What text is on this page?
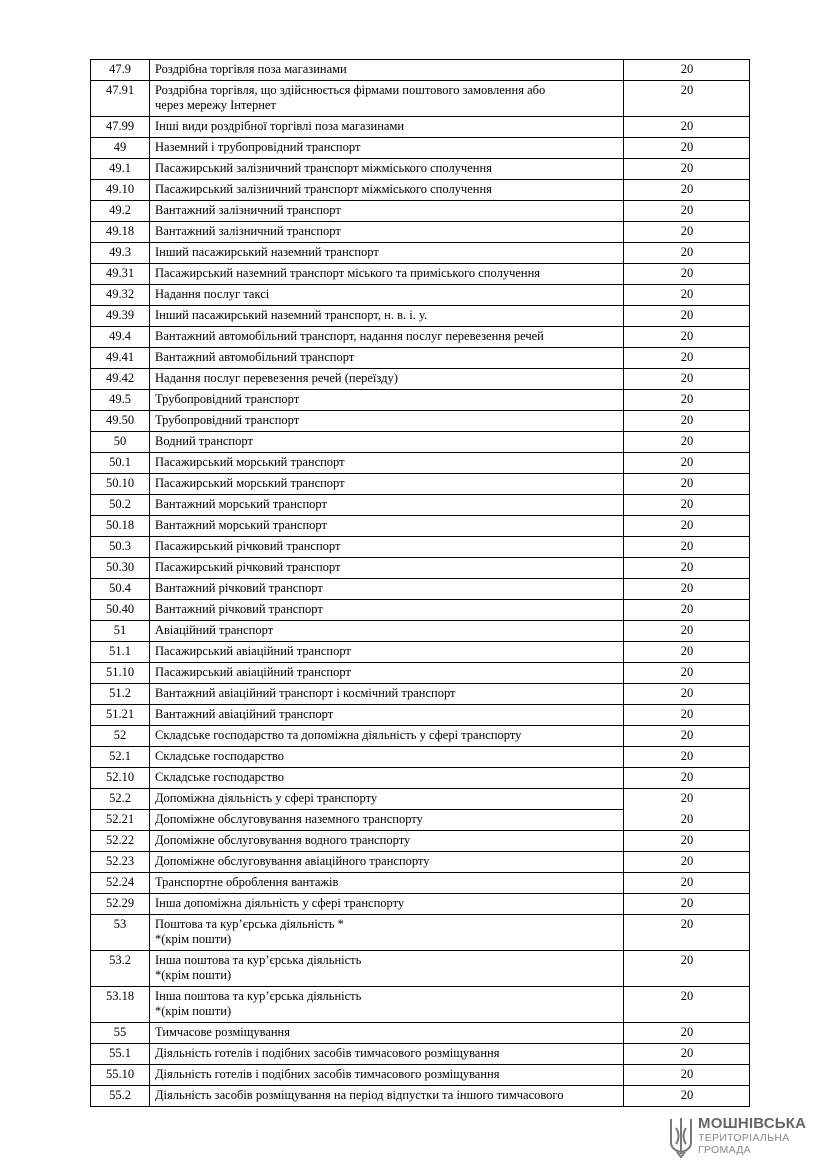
47.9	Роздрібна торгівля поза магазинами	20
47.91	Роздрібна торгівля, що здійснюється фірмами поштового замовлення або
через мережу Інтернет	20
47.99	Інші види роздрібної торгівлі поза магазинами	20
49	Наземний і трубопровідний транспорт	20
49.1	Пасажирський залізничний транспорт міжміського сполучення	20
49.10	Пасажирський залізничний транспорт міжміського сполучення	20
49.2	Вантажний залізничний транспорт	20
49.18	Вантажний залізничний транспорт	20
49.3	Інший пасажирський наземний транспорт	20
49.31	Пасажирський наземний транспорт міського та приміського сполучення	20
49.32	Надання послуг таксі	20
49.39	Інший пасажирський наземний транспорт, н. в. і. у.	20
49.4	Вантажний автомобільний транспорт, надання послуг перевезення речей	20
49.41	Вантажний автомобільний транспорт	20
49.42	Надання послуг перевезення речей (переїзду)	20
49.5	Трубопровідний транспорт	20
49.50	Трубопровідний транспорт	20
50	Водний транспорт	20
50.1	Пасажирський морський транспорт	20
50.10	Пасажирський морський транспорт	20
50.2	Вантажний морський транспорт	20
50.18	Вантажний морський транспорт	20
50.3	Пасажирський річковий транспорт	20
50.30	Пасажирський річковий транспорт	20
50.4	Вантажний річковий транспорт	20
50.40	Вантажний річковий транспорт	20
51	Авіаційний транспорт	20
51.1	Пасажирський авіаційний транспорт	20
51.10	Пасажирський авіаційний транспорт	20
51.2	Вантажний авіаційний транспорт і космічний транспорт	20
51.21	Вантажний авіаційний транспорт	20
52	Складське господарство та допоміжна діяльність у сфері транспорту	20
52.1	Складське господарство	20
52.10	Складське господарство	20
52.2	Допоміжна діяльність у сфері транспорту	20
52.21	Допоміжне обслуговування наземного транспорту	20
52.22	Допоміжне обслуговування водного транспорту	20
52.23	Допоміжне обслуговування авіаційного транспорту	20
52.24	Транспортне оброблення вантажів	20
52.29	Інша допоміжна діяльність у сфері транспорту	20
53	Поштова та кур’єрська діяльність *
*(крім пошти)	20
53.2	Інша поштова та кур’єрська діяльність
*(крім пошти)	20
53.18	Інша поштова та кур’єрська діяльність
*(крім пошти)	20
55	Тимчасове розміщування	20
55.1	Діяльність готелів і подібних засобів тимчасового розміщування	20
55.10	Діяльність готелів і подібних засобів тимчасового розміщування	20
55.2	Діяльність засобів розміщування на період відпустки та іншого тимчасового	20
МОШНІВСЬКА
ТЕРИТОРІАЛЬНА
ГРОМАДА
